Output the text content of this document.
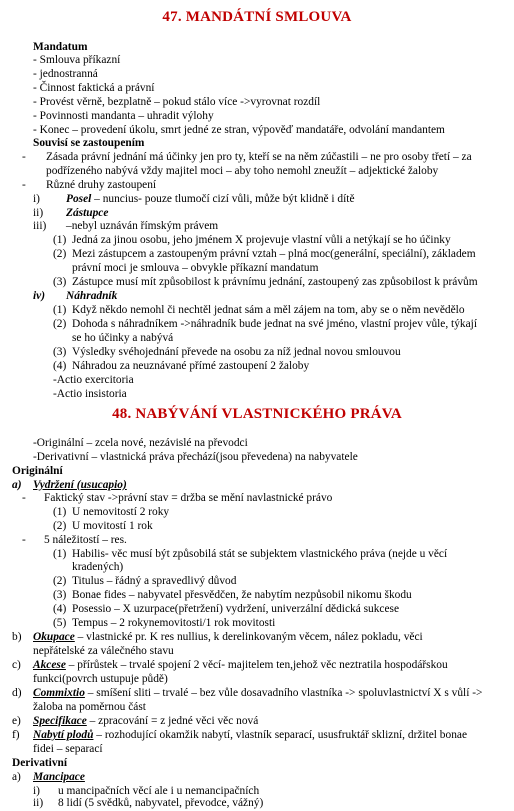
47. MANDÁTNÍ SMLOUVA
Mandatum
- Smlouva příkazní
- jednostranná
- Činnost faktická a právní
- Provést věrně, bezplatně – pokud stálo více ->vyrovnat rozdíl
- Povinnosti mandanta – uhradit výlohy
- Konec – provedení úkolu, smrt jedné ze stran, výpověď mandatáře, odvolání mandantem
Souvisí se zastoupením
- Zásada právní jednání má účinky jen pro ty, kteří se na něm zúčastili – ne pro osoby třetí – za
podřízeného nabývá vždy majitel moci – aby toho nemohl zneužít – adjektické žaloby
- Různé druhy zastoupení
i) Posel – nuncius- pouze tlumočí cizí vůli, může být klidně i dítě
ii) Zástupce
iii) –nebyl uznáván římským právem
(1) Jedná za jinou osobu, jeho jménem X projevuje vlastní vůli a netýkají se ho účinky
(2) Mezi zástupcem a zastoupeným právní vztah – plná moc(generální, speciální), základem
právní moci je smlouva – obvykle příkazní mandatum
(3) Zástupce musí mít způsobilost k právnímu jednání, zastoupený zas způsobilost k právům
iv) Náhradník
(1) Když někdo nemohl či nechtěl jednat sám a měl zájem na tom, aby se o něm nevědělo
(2) Dohoda s náhradníkem ->náhradník bude jednat na své jméno, vlastní projev vůle, týkají
se ho účinky a nabývá
(3) Výsledky svéhojednání převede na osobu za níž jednal novou smlouvou
(4) Náhradou za neuznávané přímé zastoupení 2 žaloby
-Actio exercitoria
-Actio insistoria
48. NABÝVÁNÍ VLASTNICKÉHO PRÁVA
-Originální – zcela nové, nezávislé na převodci
-Derivativní – vlastnická práva přechází(jsou převedena) na nabyvatele
Originální
a) Vydržení (usucapio)
- Faktický stav ->právní stav = držba se mění navlastnické právo
(1) U nemovitostí 2 roky
(2) U movitostí 1 rok
- 5 náležitostí – res.
(1) Habilis- věc musí být způsobilá stát se subjektem vlastnického práva (nejde u věcí
kradených)
(2) Titulus – řádný a spravedlivý důvod
(3) Bonae fides – nabyvatel přesvědčen, že nabytím nezpůsobil nikomu škodu
(4) Posessio – X uzurpace(přetržení) vydržení, univerzální dědická sukcese
(5) Tempus – 2 rokynemovitosti/1 rok movitosti
b) Okupace – vlastnické pr. K res nullius, k derelinkovaným věcem, nález pokladu, věci
nepřátelské za válečného stavu
c) Akcese – přírůstek – trvalé spojení 2 věcí- majitelem ten,jehož věc neztratila hospodářskou
funkci(povrch ustupuje půdě)
d) Commixtio – smíšení sliti – trvalé – bez vůle dosavadního vlastníka -> spoluvlastnictví X s vůlí ->
žaloba na poměrnou část
e) Specifikace – zpracování = z jedné věci věc nová
f) Nabytí plodů – rozhodující okamžik nabytí, vlastník separací, ususfruktář sklizní, držitel bonae
fidei – separací
Derivativní
a) Mancipace
i) u mancipačních věcí ale i u nemancipačních
ii) 8 lidí (5 svědků, nabyvatel, převodce, vážný)
